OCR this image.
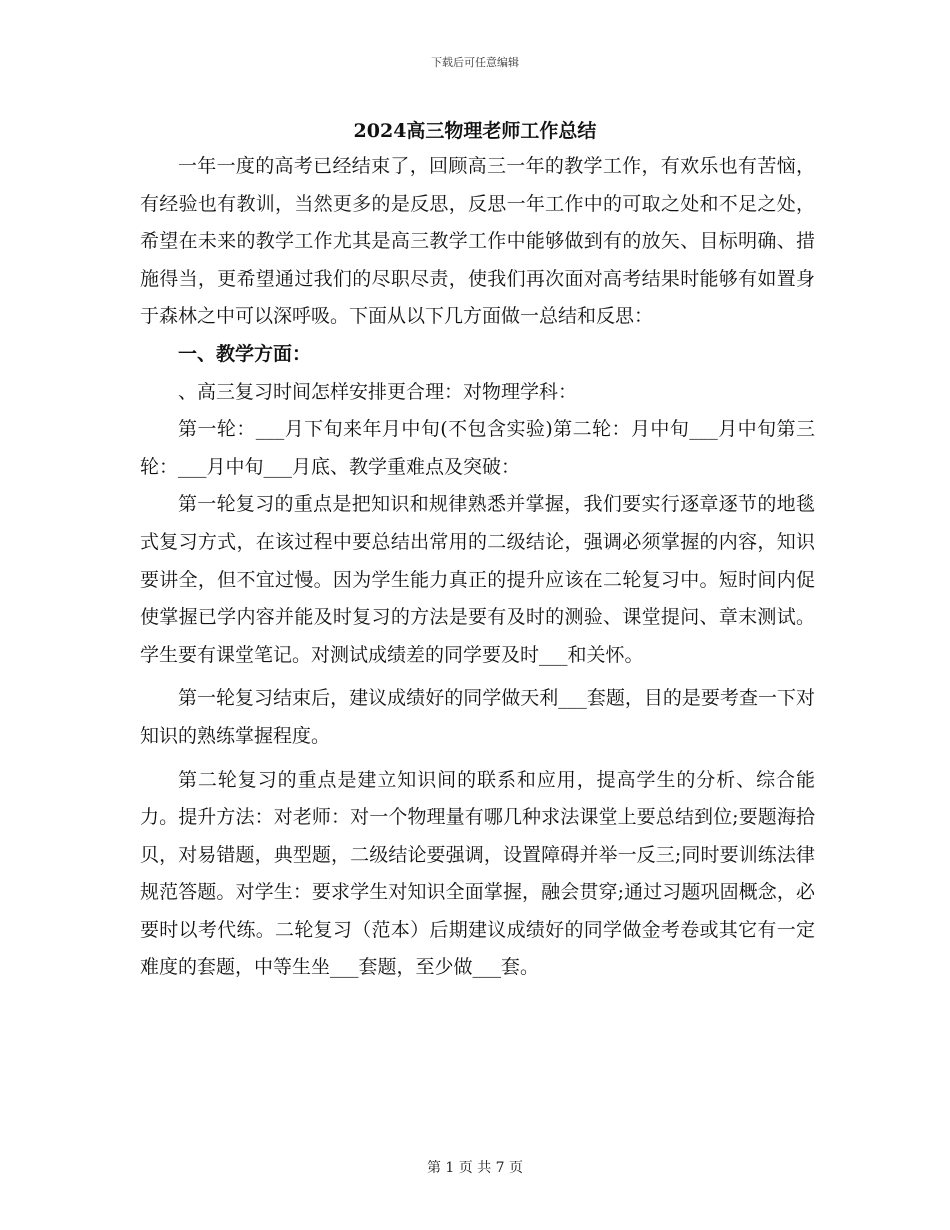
下载后可任意编辑
2024高三物理老师工作总结

一年一度的高考已经结束了，回顾高三一年的教学工作，有欢乐也有苦恼，有经验也有教训，当然更多的是反思，反思一年工作中的可取之处和不足之处，希望在未来的教学工作尤其是高三教学工作中能够做到有的放矢、目标明确、措施得当，更希望通过我们的尽职尽责，使我们再次面对高考结果时能够有如置身于森林之中可以深呼吸。下面从以下几方面做一总结和反思：

一、教学方面：

、高三复习时间怎样安排更合理：对物理学科：

第一轮：___月下旬来年月中旬(不包含实验)第二轮：月中旬___月中旬第三轮：___月中旬___月底、教学重难点及突破：

第一轮复习的重点是把知识和规律熟悉并掌握，我们要实行逐章逐节的地毯式复习方式，在该过程中要总结出常用的二级结论，强调必须掌握的内容，知识要讲全，但不宜过慢。因为学生能力真正的提升应该在二轮复习中。短时间内促使掌握已学内容并能及时复习的方法是要有及时的测验、课堂提问、章末测试。学生要有课堂笔记。对测试成绩差的同学要及时___和关怀。

第一轮复习结束后，建议成绩好的同学做天利___套题，目的是要考查一下对知识的熟练掌握程度。

第二轮复习的重点是建立知识间的联系和应用，提高学生的分析、综合能力。提升方法：对老师：对一个物理量有哪几种求法课堂上要总结到位;要题海拾贝，对易错题，典型题，二级结论要强调，设置障碍并举一反三;同时要训练法律规范答题。对学生：要求学生对知识全面掌握，融会贯穿;通过习题巩固概念，必要时以考代练。二轮复习（范本）后期建议成绩好的同学做金考卷或其它有一定难度的套题，中等生坐___套题，至少做___套。

第 1 页 共 7 页
